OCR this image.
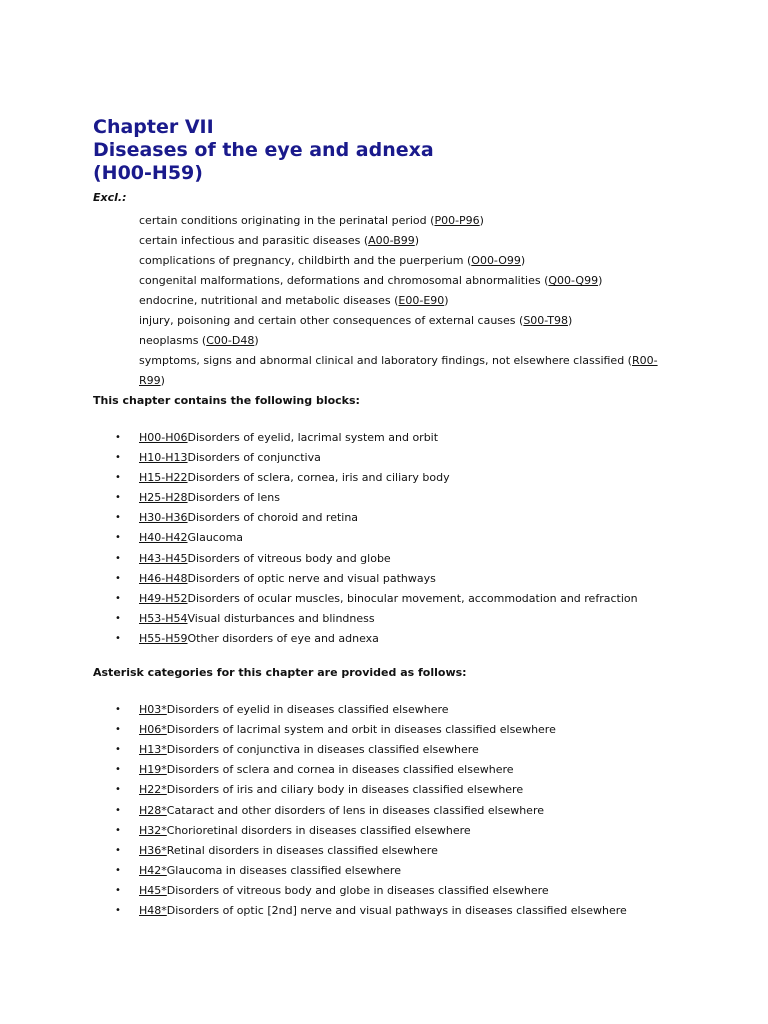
Chapter VII
Diseases of the eye and adnexa
(H00-H59)
Excl.:
certain conditions originating in the perinatal period (P00-P96)
certain infectious and parasitic diseases (A00-B99)
complications of pregnancy, childbirth and the puerperium (O00-O99)
congenital malformations, deformations and chromosomal abnormalities (Q00-Q99)
endocrine, nutritional and metabolic diseases (E00-E90)
injury, poisoning and certain other consequences of external causes (S00-T98)
neoplasms (C00-D48)
symptoms, signs and abnormal clinical and laboratory findings, not elsewhere classified (R00-R99)
This chapter contains the following blocks:
• H00-H06Disorders of eyelid, lacrimal system and orbit
• H10-H13Disorders of conjunctiva
• H15-H22Disorders of sclera, cornea, iris and ciliary body
• H25-H28Disorders of lens
• H30-H36Disorders of choroid and retina
• H40-H42Glaucoma
• H43-H45Disorders of vitreous body and globe
• H46-H48Disorders of optic nerve and visual pathways
• H49-H52Disorders of ocular muscles, binocular movement, accommodation and refraction
• H53-H54Visual disturbances and blindness
• H55-H59Other disorders of eye and adnexa
Asterisk categories for this chapter are provided as follows:
• H03*Disorders of eyelid in diseases classified elsewhere
• H06*Disorders of lacrimal system and orbit in diseases classified elsewhere
• H13*Disorders of conjunctiva in diseases classified elsewhere
• H19*Disorders of sclera and cornea in diseases classified elsewhere
• H22*Disorders of iris and ciliary body in diseases classified elsewhere
• H28*Cataract and other disorders of lens in diseases classified elsewhere
• H32*Chorioretinal disorders in diseases classified elsewhere
• H36*Retinal disorders in diseases classified elsewhere
• H42*Glaucoma in diseases classified elsewhere
• H45*Disorders of vitreous body and globe in diseases classified elsewhere
• H48*Disorders of optic [2nd] nerve and visual pathways in diseases classified elsewhere
